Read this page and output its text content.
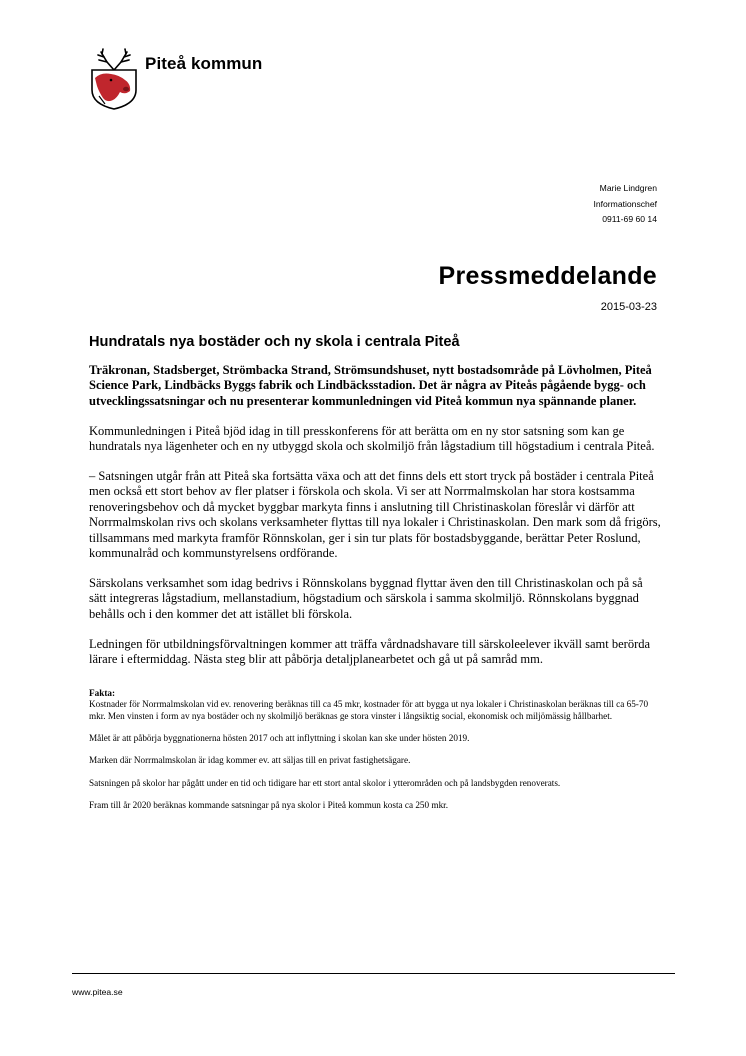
Piteå kommun
Marie Lindgren
Informationschef
0911-69 60 14
Pressmeddelande
2015-03-23
Hundratals nya bostäder och ny skola i centrala Piteå

Träkronan, Stadsberget, Strömbacka Strand, Strömsundshuset, nytt bostadsområde på Lövholmen, Piteå Science Park, Lindbäcks Byggs fabrik och Lindbäcksstadion. Det är några av Piteås pågående bygg- och utvecklingssatsningar och nu presenterar kommunledningen vid Piteå kommun nya spännande planer.

Kommunledningen i Piteå bjöd idag in till presskonferens för att berätta om en ny stor satsning som kan ge hundratals nya lägenheter och en ny utbyggd skola och skolmiljö från lågstadium till högstadium i centrala Piteå.

– Satsningen utgår från att Piteå ska fortsätta växa och att det finns dels ett stort tryck på bostäder i centrala Piteå men också ett stort behov av fler platser i förskola och skola. Vi ser att Norrmalmskolan har stora kostsamma renoveringsbehov och då mycket byggbar markyta finns i anslutning till Christinaskolan föreslår vi därför att Norrmalmskolan rivs och skolans verksamheter flyttas till nya lokaler i Christinaskolan. Den mark som då frigörs, tillsammans med markyta framför Rönnskolan, ger i sin tur plats för bostadsbyggande, berättar Peter Roslund, kommunalråd och kommunstyrelsens ordförande.

Särskolans verksamhet som idag bedrivs i Rönnskolans byggnad flyttar även den till Christinaskolan och på så sätt integreras lågstadium, mellanstadium, högstadium och särskola i samma skolmiljö. Rönnskolans byggnad behålls och i den kommer det att istället bli förskola.

Ledningen för utbildningsförvaltningen kommer att träffa vårdnadshavare till särskoleelever ikväll samt berörda lärare i eftermiddag. Nästa steg blir att påbörja detaljplanearbetet och gå ut på samråd mm.

Fakta:

Kostnader för Norrmalmskolan vid ev. renovering beräknas till ca 45 mkr, kostnader för att bygga ut nya lokaler i Christinaskolan beräknas till ca 65-70 mkr. Men vinsten i form av nya bostäder och ny skolmiljö beräknas ge stora vinster i långsiktig social, ekonomisk och miljömässig hållbarhet.

Målet är att påbörja byggnationerna hösten 2017 och att inflyttning i skolan kan ske under hösten 2019.

Marken där Norrmalmskolan är idag kommer ev. att säljas till en privat fastighetsägare.

Satsningen på skolor har pågått under en tid och tidigare har ett stort antal skolor i ytterområden och på landsbygden renoverats.

Fram till år 2020 beräknas kommande satsningar på nya skolor i Piteå kommun kosta ca 250 mkr.

www.pitea.se
